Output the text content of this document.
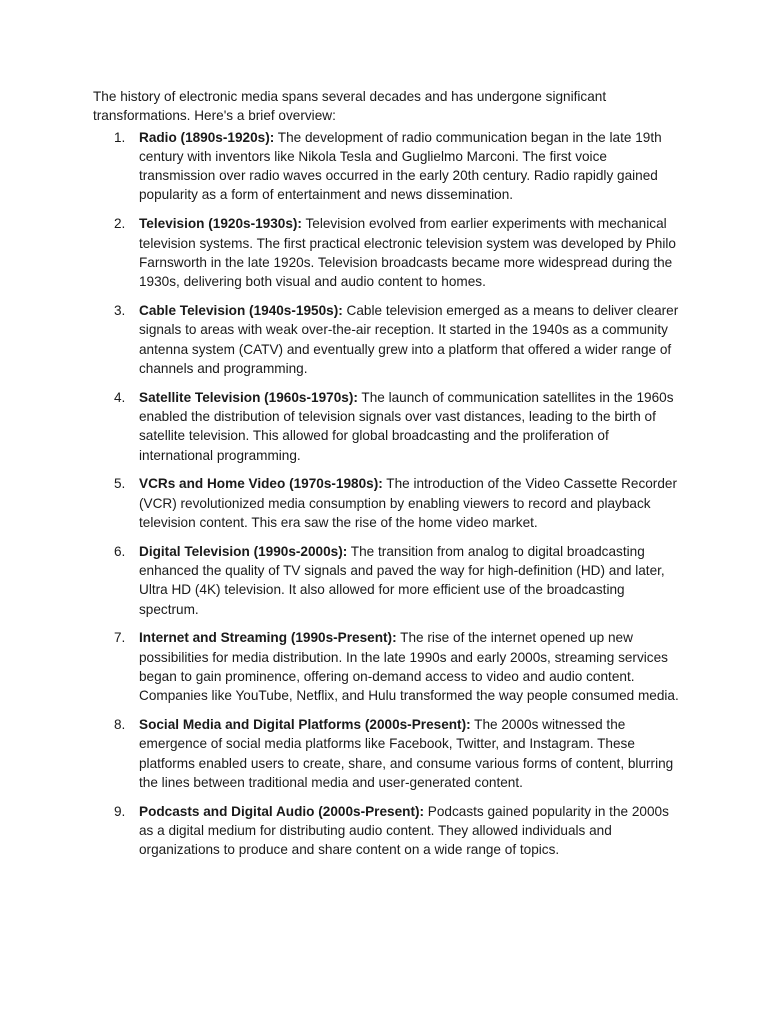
The history of electronic media spans several decades and has undergone significant transformations. Here's a brief overview:

1. Radio (1890s-1920s): The development of radio communication began in the late 19th century with inventors like Nikola Tesla and Guglielmo Marconi. The first voice transmission over radio waves occurred in the early 20th century. Radio rapidly gained popularity as a form of entertainment and news dissemination.
2. Television (1920s-1930s): Television evolved from earlier experiments with mechanical television systems. The first practical electronic television system was developed by Philo Farnsworth in the late 1920s. Television broadcasts became more widespread during the 1930s, delivering both visual and audio content to homes.
3. Cable Television (1940s-1950s): Cable television emerged as a means to deliver clearer signals to areas with weak over-the-air reception. It started in the 1940s as a community antenna system (CATV) and eventually grew into a platform that offered a wider range of channels and programming.
4. Satellite Television (1960s-1970s): The launch of communication satellites in the 1960s enabled the distribution of television signals over vast distances, leading to the birth of satellite television. This allowed for global broadcasting and the proliferation of international programming.
5. VCRs and Home Video (1970s-1980s): The introduction of the Video Cassette Recorder (VCR) revolutionized media consumption by enabling viewers to record and playback television content. This era saw the rise of the home video market.
6. Digital Television (1990s-2000s): The transition from analog to digital broadcasting enhanced the quality of TV signals and paved the way for high-definition (HD) and later, Ultra HD (4K) television. It also allowed for more efficient use of the broadcasting spectrum.
7. Internet and Streaming (1990s-Present): The rise of the internet opened up new possibilities for media distribution. In the late 1990s and early 2000s, streaming services began to gain prominence, offering on-demand access to video and audio content. Companies like YouTube, Netflix, and Hulu transformed the way people consumed media.
8. Social Media and Digital Platforms (2000s-Present): The 2000s witnessed the emergence of social media platforms like Facebook, Twitter, and Instagram. These platforms enabled users to create, share, and consume various forms of content, blurring the lines between traditional media and user-generated content.
9. Podcasts and Digital Audio (2000s-Present): Podcasts gained popularity in the 2000s as a digital medium for distributing audio content. They allowed individuals and organizations to produce and share content on a wide range of topics.
